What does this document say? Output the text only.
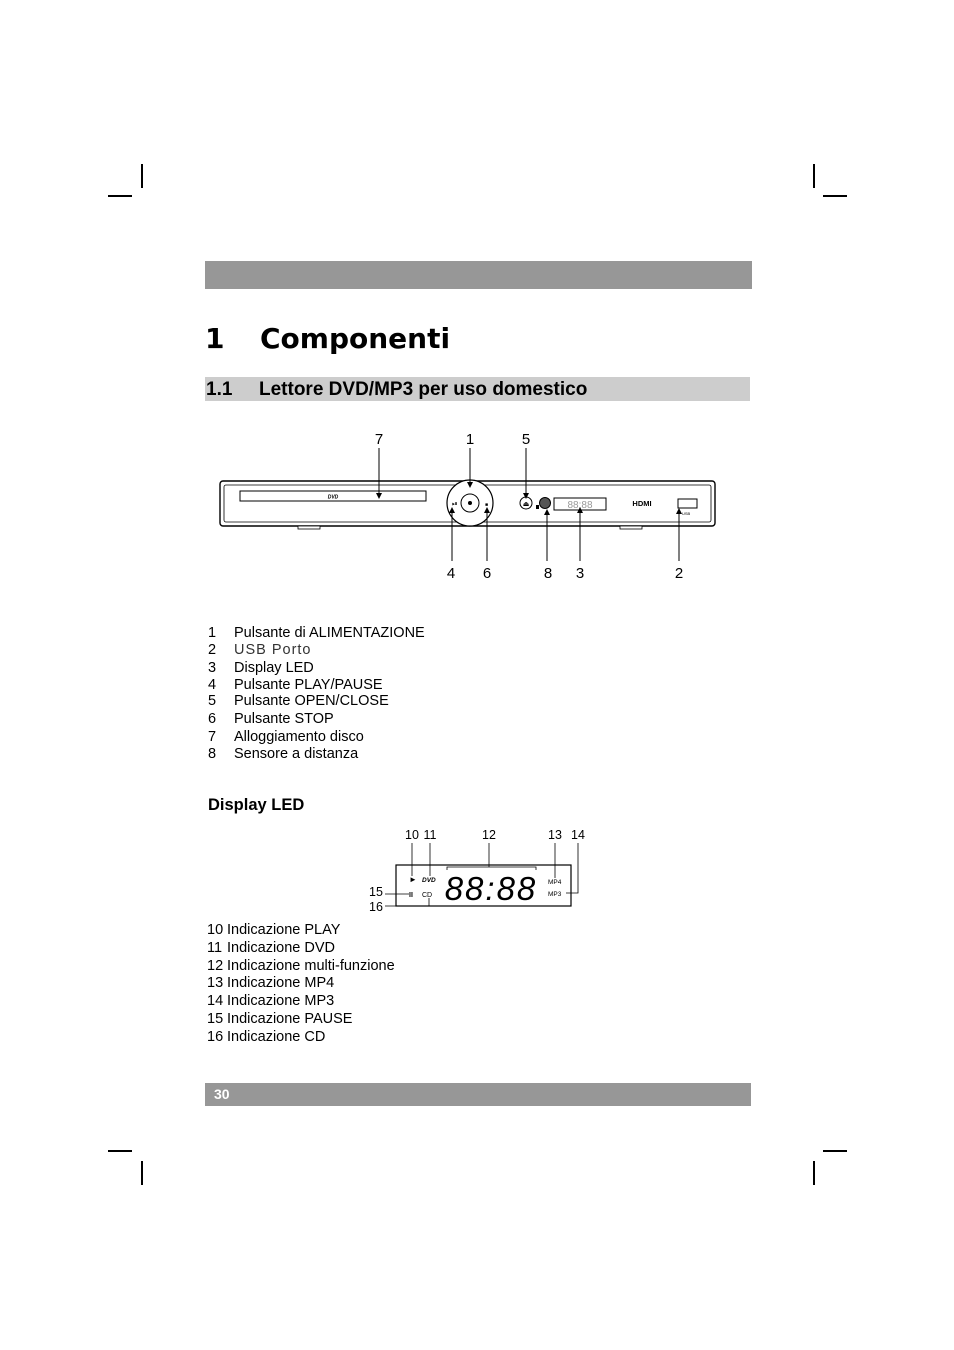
1 Componenti
1.1 Lettore DVD/MP3 per uso domestico
DVD
⏯	■	⏏	88:88	HDMI
USB
7	1	5
4 6	8 3	2
1 Pulsante di ALIMENTAZIONE
2 USB Porto
3 Display LED
4 Pulsante PLAY/PAUSE
5 Pulsante OPEN/CLOSE
6 Pulsante STOP
7 Alloggiamento disco
8 Sensore a distanza
Display LED
10 11	12	13 14
15
16
► DVD
II CD 88:88 MP4
MP3
10 Indicazione PLAY
11 Indicazione DVD
12 Indicazione multi-funzione
13 Indicazione MP4
14 Indicazione MP3
15 Indicazione PAUSE
16 Indicazione CD
30
